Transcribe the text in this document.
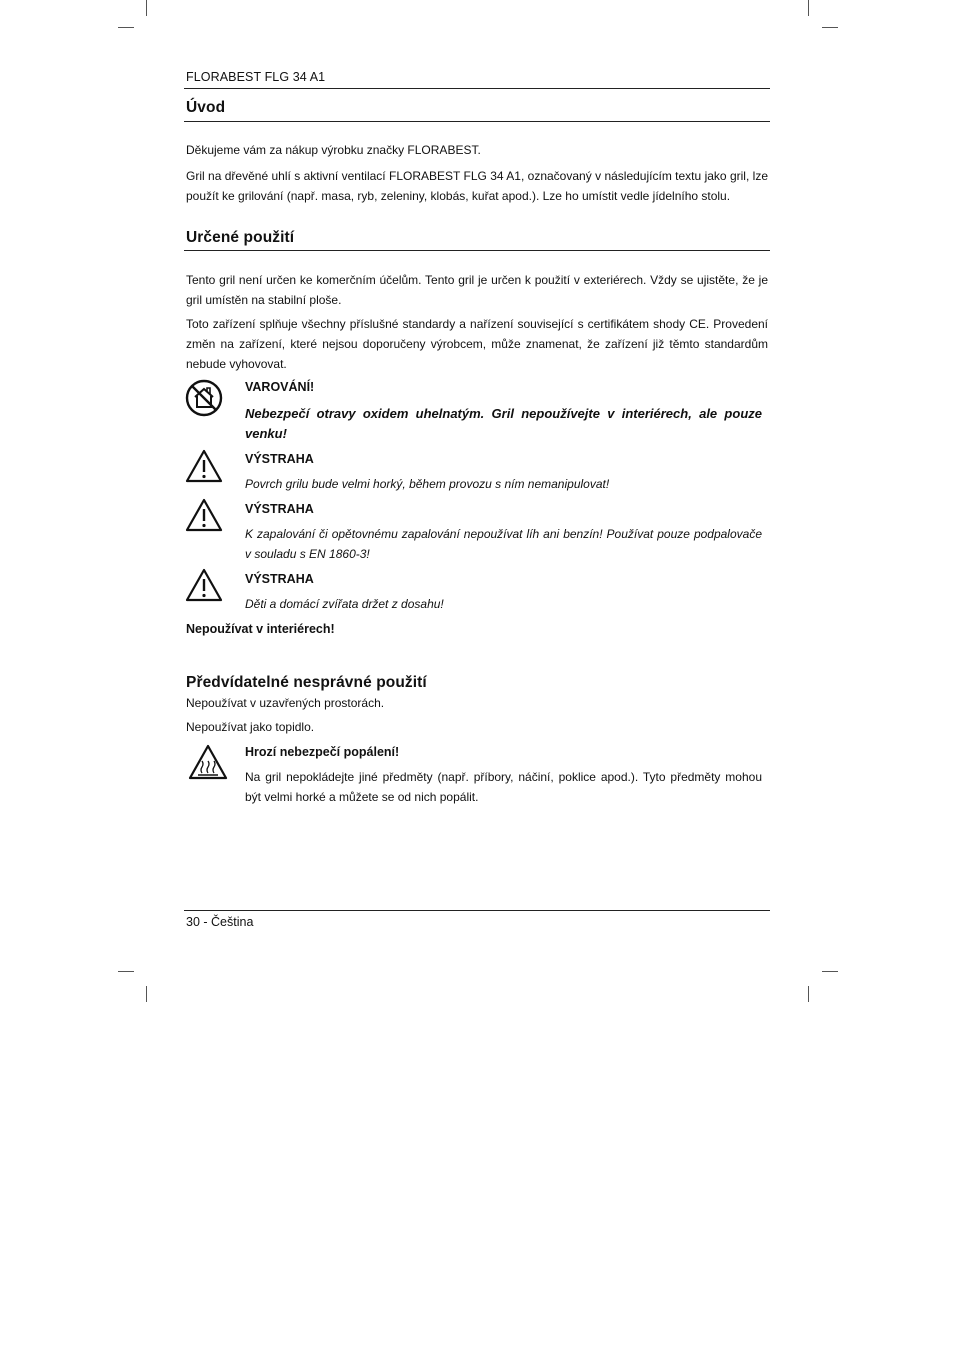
FLORABEST FLG 34 A1
Úvod
Děkujeme vám za nákup výrobku značky FLORABEST.
Gril na dřevěné uhlí s aktivní ventilací FLORABEST FLG 34 A1, označovaný v následujícím textu jako gril, lze použít ke grilování (např. masa, ryb, zeleniny, klobás, kuřat apod.). Lze ho umístit vedle jídelního stolu.
Určené použití
Tento gril není určen ke komerčním účelům. Tento gril je určen k použití v exteriérech. Vždy se ujistěte, že je gril umístěn na stabilní ploše.
Toto zařízení splňuje všechny příslušné standardy a nařízení související s certifikátem shody CE. Provedení změn na zařízení, které nejsou doporučeny výrobcem, může znamenat, že zařízení již těmto standardům nebude vyhovovat.
VAROVÁNÍ!
Nebezpečí otravy oxidem uhelnatým. Gril nepoužívejte v interiérech, ale pouze venku!
VÝSTRAHA
Povrch grilu bude velmi horký, během provozu s ním nemanipulovat!
VÝSTRAHA
K zapalování či opětovnému zapalování nepoužívat líh ani benzín! Používat pouze podpalovače v souladu s EN 1860-3!
VÝSTRAHA
Děti a domácí zvířata držet z dosahu!
Nepoužívat v interiérech!
Předvídatelné nesprávné použití
Nepoužívat v uzavřených prostorách.
Nepoužívat jako topidlo.
Hrozí nebezpečí popálení!
Na gril nepokládejte jiné předměty (např. příbory, náčiní, poklice apod.). Tyto předměty mohou být velmi horké a můžete se od nich popálit.
30 - Čeština
